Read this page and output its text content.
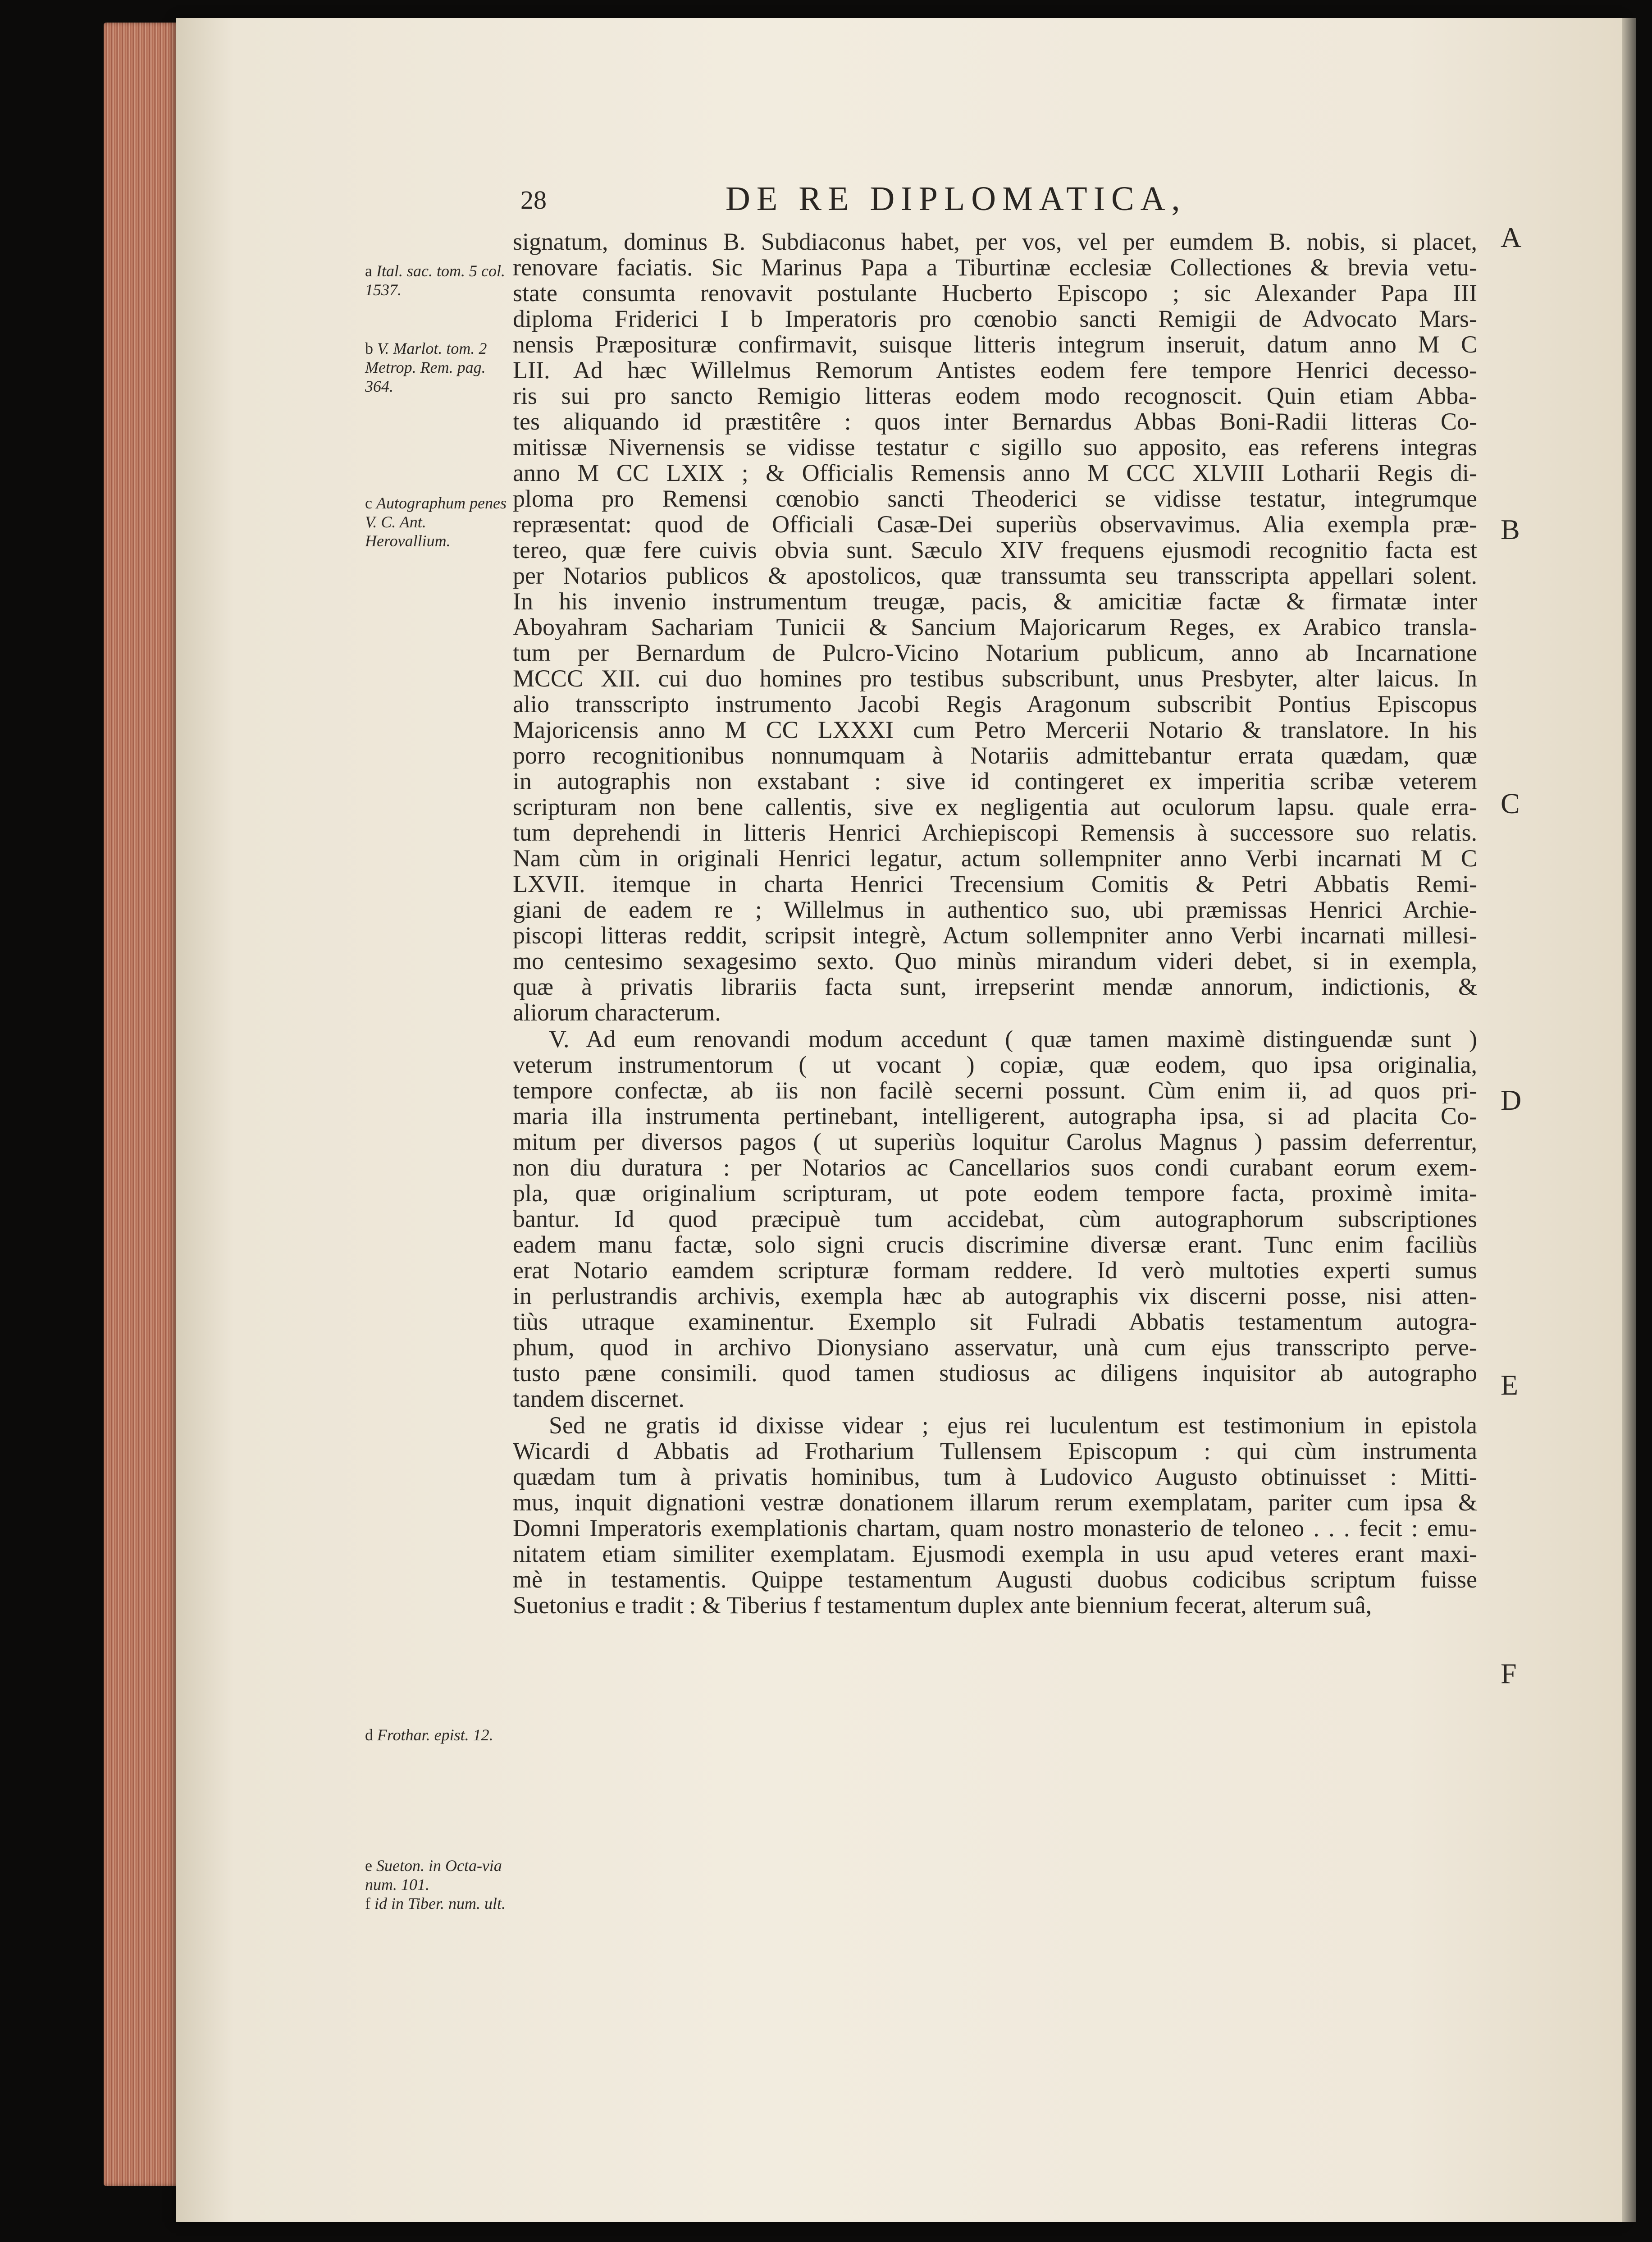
28	DE RE DIPLOMATICA,
signatum, dominus B. Subdiaconus habet, per vos, vel per eumdem B. nobis, si placet,
renovare faciatis. Sic Marinus Papa a Tiburtinæ ecclesiæ Collectiones & brevia vetu-
state consumta renovavit postulante Hucberto Episcopo ; sic Alexander Papa III
diploma Friderici I b Imperatoris pro cœnobio sancti Remigii de Advocato Mars-
nensis Præposituræ confirmavit, suisque litteris integrum inseruit, datum anno M C
LII. Ad hæc Willelmus Remorum Antistes eodem fere tempore Henrici decesso-
ris sui pro sancto Remigio litteras eodem modo recognoscit. Quin etiam Abba-
tes aliquando id præstitêre : quos inter Bernardus Abbas Boni-Radii litteras Co-
mitissæ Nivernensis se vidisse testatur c sigillo suo apposito, eas referens integras
anno M CC LXIX ; & Officialis Remensis anno M CCC XLVIII Lotharii Regis di-
ploma pro Remensi cœnobio sancti Theoderici se vidisse testatur, integrumque
repræsentat: quod de Officiali Casæ-Dei superiùs observavimus. Alia exempla præ-
tereo, quæ fere cuivis obvia sunt. Sæculo XIV frequens ejusmodi recognitio facta est
per Notarios publicos & apostolicos, quæ transsumta seu transscripta appellari solent.
In his invenio instrumentum treugæ, pacis, & amicitiæ factæ & firmatæ inter
Aboyahram Sachariam Tunicii & Sancium Majoricarum Reges, ex Arabico transla-
tum per Bernardum de Pulcro-Vicino Notarium publicum, anno ab Incarnatione
MCCC XII. cui duo homines pro testibus subscribunt, unus Presbyter, alter laicus. In
alio transscripto instrumento Jacobi Regis Aragonum subscribit Pontius Episcopus
Majoricensis anno M CC LXXXI cum Petro Mercerii Notario & translatore. In his
porro recognitionibus nonnumquam à Notariis admittebantur errata quædam, quæ
in autographis non exstabant : sive id contingeret ex imperitia scribæ veterem
scripturam non bene callentis, sive ex negligentia aut oculorum lapsu. quale erra-
tum deprehendi in litteris Henrici Archiepiscopi Remensis à successore suo relatis.
Nam cùm in originali Henrici legatur, actum sollempniter anno Verbi incarnati M C
LXVII. itemque in charta Henrici Trecensium Comitis & Petri Abbatis Remi-
giani de eadem re ; Willelmus in authentico suo, ubi præmissas Henrici Archie-
piscopi litteras reddit, scripsit integrè, Actum sollempniter anno Verbi incarnati millesi-
mo centesimo sexagesimo sexto. Quo minùs mirandum videri debet, si in exempla,
quæ à privatis librariis facta sunt, irrepserint mendæ annorum, indictionis, &
aliorum characterum.
V. Ad eum renovandi modum accedunt ( quæ tamen maximè distinguendæ sunt )
veterum instrumentorum ( ut vocant ) copiæ, quæ eodem, quo ipsa originalia,
tempore confectæ, ab iis non facilè secerni possunt. Cùm enim ii, ad quos pri-
maria illa instrumenta pertinebant, intelligerent, autographa ipsa, si ad placita Co-
mitum per diversos pagos ( ut superiùs loquitur Carolus Magnus ) passim deferrentur,
non diu duratura : per Notarios ac Cancellarios suos condi curabant eorum exem-
pla, quæ originalium scripturam, ut pote eodem tempore facta, proximè imita-
bantur. Id quod præcipuè tum accidebat, cùm autographorum subscriptiones
eadem manu factæ, solo signi crucis discrimine diversæ erant. Tunc enim faciliùs
erat Notario eamdem scripturæ formam reddere. Id verò multoties experti sumus
in perlustrandis archivis, exempla hæc ab autographis vix discerni posse, nisi atten-
tiùs utraque examinentur. Exemplo sit Fulradi Abbatis testamentum autogra-
phum, quod in archivo Dionysiano asservatur, unà cum ejus transscripto perve-
tusto pæne consimili. quod tamen studiosus ac diligens inquisitor ab autographo
tandem discernet.
Sed ne gratis id dixisse videar ; ejus rei luculentum est testimonium in epistola
Wicardi d Abbatis ad Frotharium Tullensem Episcopum : qui cùm instrumenta
quædam tum à privatis hominibus, tum à Ludovico Augusto obtinuisset : Mitti-
mus, inquit dignationi vestræ donationem illarum rerum exemplatam, pariter cum ipsa &
Domni Imperatoris exemplationis chartam, quam nostro monasterio de teloneo . . . fecit : emu-
nitatem etiam similiter exemplatam. Ejusmodi exempla in usu apud veteres erant maxi-
mè in testamentis. Quippe testamentum Augusti duobus codicibus scriptum fuisse
Suetonius e tradit : & Tiberius f testamentum duplex ante biennium fecerat, alterum suâ,
a Ital. sac. tom. 5 col. 1537.
b V. Marlot. tom. 2 Metrop. Rem. pag. 364.
c Autographum penes V. C. Ant. Herovallium.
d Frothar. epist. 12.
e Sueton. in Octa-via num. 101.
f id in Tiber. num. ult.
A
B
C
D
E
F
